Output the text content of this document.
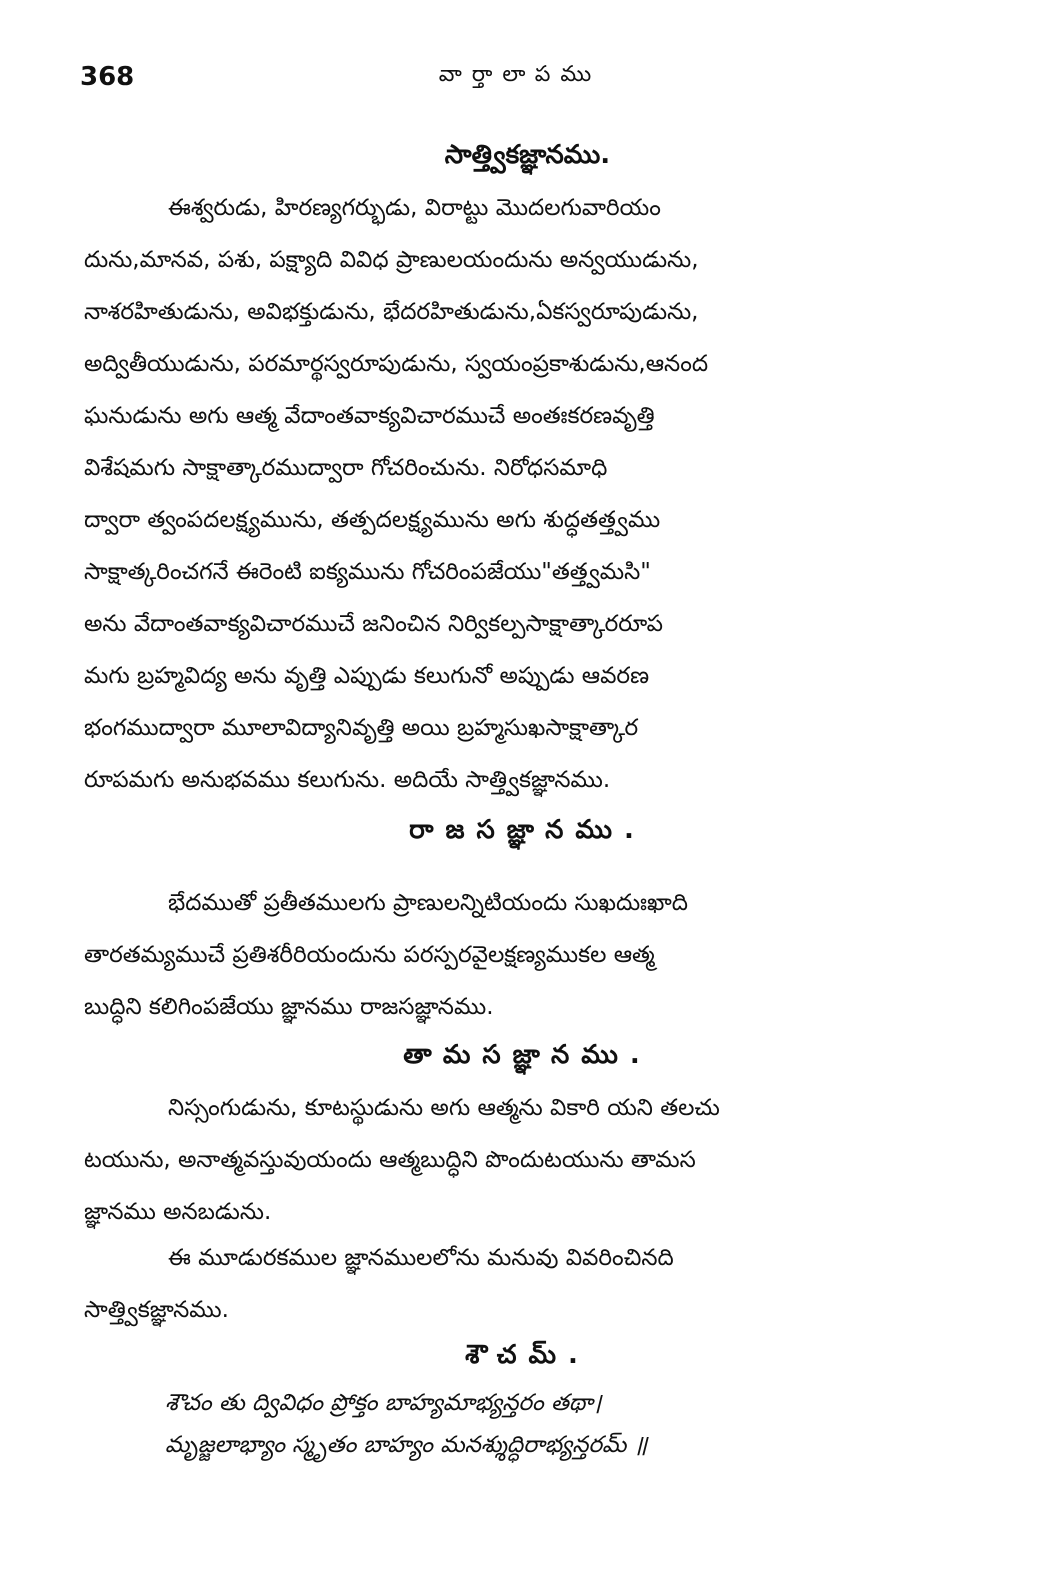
368	వార్తాలాపము
సాత్త్వికజ్ఞానము.
ఈశ్వరుడు, హిరణ్యగర్భుడు, విరాట్టు మొదలగువారియం
దును,మానవ, పశు, పక్ష్యాది వివిధ ప్రాణులయందును అన్వయుడును,
నాశరహితుడును, అవిభక్తుడును, భేదరహితుడును,ఏకస్వరూపుడును,
అద్వితీయుడును, పరమార్థస్వరూపుడును, స్వయంప్రకాశుడును,ఆనంద
ఘనుడును అగు ఆత్మ వేదాంతవాక్యవిచారముచే అంతఃకరణవృత్తి
విశేషమగు సాక్షాత్కారముద్వారా గోచరించును. నిరోధసమాధి
ద్వారా త్వంపదలక్ష్యమును, తత్పదలక్ష్యమును అగు శుద్ధతత్త్వము
సాక్షాత్కరించగనే ఈరెంటి ఐక్యమును గోచరింపజేయు"తత్త్వమసి"
అను వేదాంతవాక్యవిచారముచే జనించిన నిర్వికల్పసాక్షాత్కారరూప
మగు బ్రహ్మవిద్య అను వృత్తి ఎప్పుడు కలుగునో అప్పుడు ఆవరణ
భంగముద్వారా మూలావిద్యానివృత్తి అయి బ్రహ్మసుఖసాక్షాత్కార
రూపమగు అనుభవము కలుగును. అదియే సాత్త్వికజ్ఞానము.
రాజసజ్ఞానము.
భేదముతో ప్రతీతములగు ప్రాణులన్నిటియందు సుఖదుఃఖాది
తారతమ్యముచే ప్రతిశరీరియందును పరస్పరవైలక్షణ్యముకల ఆత్మ
బుద్ధిని కలిగింపజేయు జ్ఞానము రాజసజ్ఞానము.
తామసజ్ఞానము.
నిస్సంగుడును, కూటస్థుడును అగు ఆత్మను వికారి యని తలచు
టయును, అనాత్మవస్తువుయందు ఆత్మబుద్ధిని పొందుటయును తామస
జ్ఞానము అనబడును.
ఈ మూడురకముల జ్ఞానములలోను మనువు వివరించినది
సాత్త్వికజ్ఞానము.
శౌచమ్.
శౌచం తు ద్వివిధం ప్రోక్తం బాహ్యమాభ్యన్తరం తథా।
మృజ్జలాభ్యాం స్మృతం బాహ్యం మనశ్శుద్ధిరాభ్యన్తరమ్ ॥
